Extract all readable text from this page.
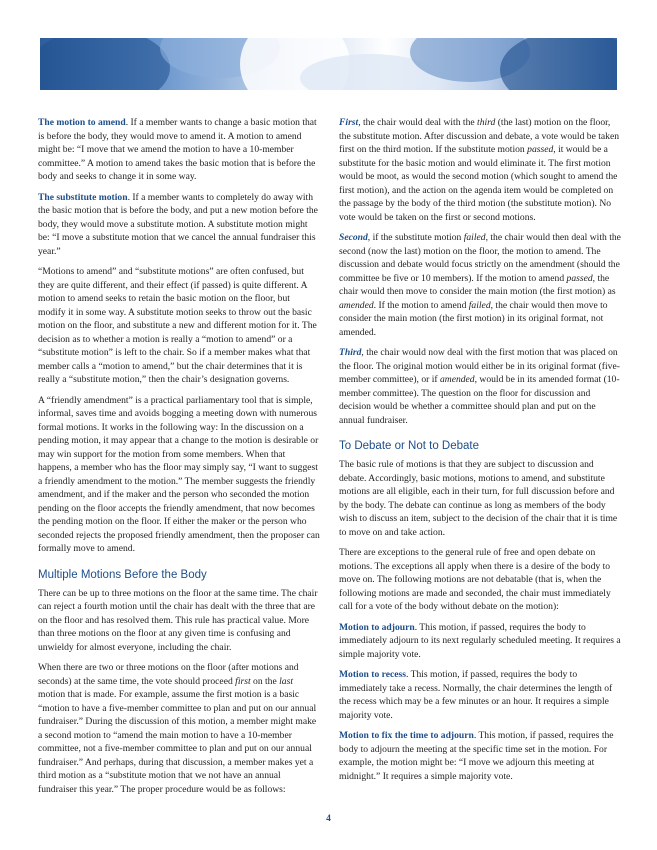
The motion to amend. If a member wants to change a basic motion that is before the body, they would move to amend it. A motion to amend might be: “I move that we amend the motion to have a 10-member committee.” A motion to amend takes the basic motion that is before the body and seeks to change it in some way.

The substitute motion. If a member wants to completely do away with the basic motion that is before the body, and put a new motion before the body, they would move a substitute motion. A substitute motion might be: “I move a substitute motion that we cancel the annual fundraiser this year.”

“Motions to amend” and “substitute motions” are often confused, but they are quite different, and their effect (if passed) is quite different. A motion to amend seeks to retain the basic motion on the floor, but modify it in some way. A substitute motion seeks to throw out the basic motion on the floor, and substitute a new and different motion for it. The decision as to whether a motion is really a “motion to amend” or a “substitute motion” is left to the chair. So if a member makes what that member calls a “motion to amend,” but the chair determines that it is really a “substitute motion,” then the chair’s designation governs.

A “friendly amendment” is a practical parliamentary tool that is simple, informal, saves time and avoids bogging a meeting down with numerous formal motions. It works in the following way: In the discussion on a pending motion, it may appear that a change to the motion is desirable or may win support for the motion from some members. When that happens, a member who has the floor may simply say, “I want to suggest a friendly amendment to the motion.” The member suggests the friendly amendment, and if the maker and the person who seconded the motion pending on the floor accepts the friendly amendment, that now becomes the pending motion on the floor. If either the maker or the person who seconded rejects the proposed friendly amendment, then the proposer can formally move to amend.

Multiple Motions Before the Body

There can be up to three motions on the floor at the same time. The chair can reject a fourth motion until the chair has dealt with the three that are on the floor and has resolved them. This rule has practical value. More than three motions on the floor at any given time is confusing and unwieldy for almost everyone, including the chair.

When there are two or three motions on the floor (after motions and seconds) at the same time, the vote should proceed first on the last motion that is made. For example, assume the first motion is a basic “motion to have a five-member committee to plan and put on our annual fundraiser.” During the discussion of this motion, a member might make a second motion to “amend the main motion to have a 10-member committee, not a five-member committee to plan and put on our annual fundraiser.” And perhaps, during that discussion, a member makes yet a third motion as a “substitute motion that we not have an annual fundraiser this year.” The proper procedure would be as follows:

First, the chair would deal with the third (the last) motion on the floor, the substitute motion. After discussion and debate, a vote would be taken first on the third motion. If the substitute motion passed, it would be a substitute for the basic motion and would eliminate it. The first motion would be moot, as would the second motion (which sought to amend the first motion), and the action on the agenda item would be completed on the passage by the body of the third motion (the substitute motion). No vote would be taken on the first or second motions.

Second, if the substitute motion failed, the chair would then deal with the second (now the last) motion on the floor, the motion to amend. The discussion and debate would focus strictly on the amendment (should the committee be five or 10 members). If the motion to amend passed, the chair would then move to consider the main motion (the first motion) as amended. If the motion to amend failed, the chair would then move to consider the main motion (the first motion) in its original format, not amended.

Third, the chair would now deal with the first motion that was placed on the floor. The original motion would either be in its original format (five-member committee), or if amended, would be in its amended format (10-member committee). The question on the floor for discussion and decision would be whether a committee should plan and put on the annual fundraiser.

To Debate or Not to Debate

The basic rule of motions is that they are subject to discussion and debate. Accordingly, basic motions, motions to amend, and substitute motions are all eligible, each in their turn, for full discussion before and by the body. The debate can continue as long as members of the body wish to discuss an item, subject to the decision of the chair that it is time to move on and take action.

There are exceptions to the general rule of free and open debate on motions. The exceptions all apply when there is a desire of the body to move on. The following motions are not debatable (that is, when the following motions are made and seconded, the chair must immediately call for a vote of the body without debate on the motion):

Motion to adjourn. This motion, if passed, requires the body to immediately adjourn to its next regularly scheduled meeting. It requires a simple majority vote.

Motion to recess. This motion, if passed, requires the body to immediately take a recess. Normally, the chair determines the length of the recess which may be a few minutes or an hour. It requires a simple majority vote.

Motion to fix the time to adjourn. This motion, if passed, requires the body to adjourn the meeting at the specific time set in the motion. For example, the motion might be: “I move we adjourn this meeting at midnight.” It requires a simple majority vote.

4
